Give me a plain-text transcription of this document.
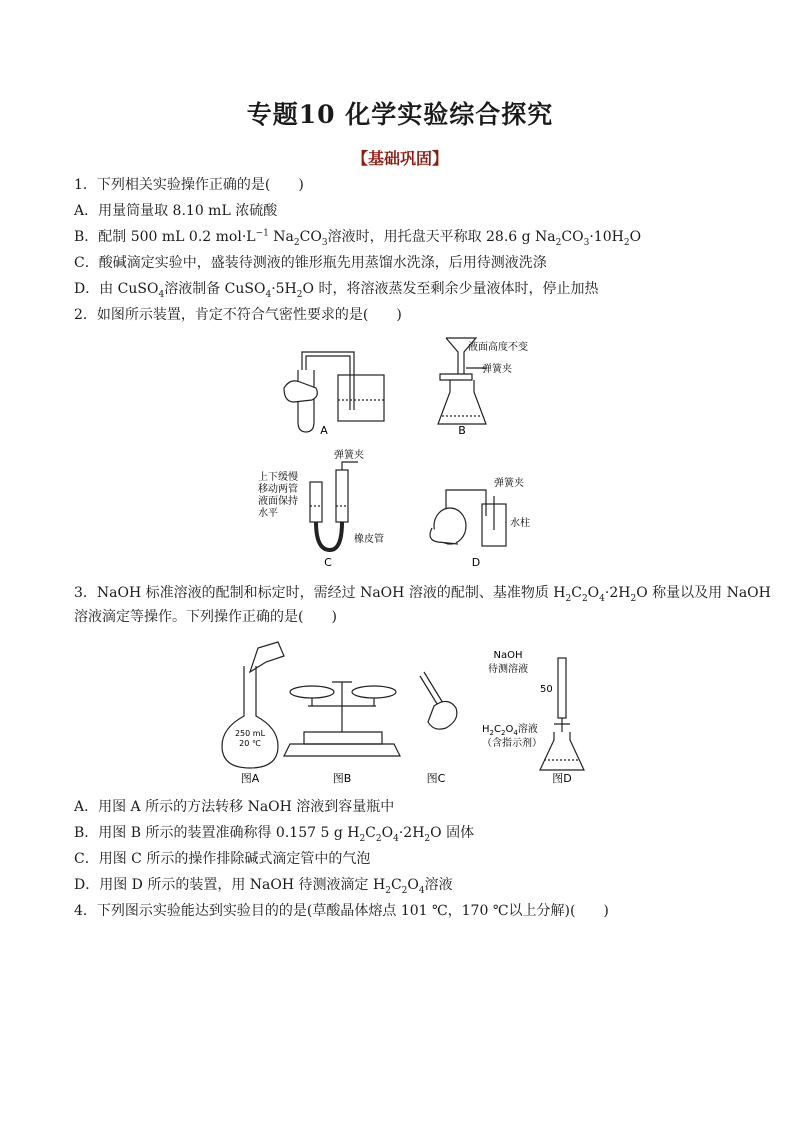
专题10 化学实验综合探究
【基础巩固】
1．下列相关实验操作正确的是(　　)
A．用量筒量取 8.10 mL 浓硫酸
B．配制 500 mL 0.2 $mol\cdot L^{-1}$ $Na_2CO_3$溶液时，用托盘天平称取 28.6 g $Na_2CO_3\cdot 10H_2O$
C．酸碱滴定实验中，盛装待测液的锥形瓶先用蒸馏水洗涤，后用待测液洗涤
D．由 CuSO$_4$溶液制备 $CuSO_4\cdot 5H_2O$ 时，将溶液蒸发至剩余少量液体时，停止加热
2．如图所示装置，肯定不符合气密性要求的是(　　)
A	B
液面高度不变
弹簧夹
上下缓慢
移动两管
液面保持
水平
弹簧夹
橡皮管
C
弹簧夹
水柱
D
3．NaOH 标准溶液的配制和标定时，需经过 NaOH 溶液的配制、基准物质 $H_2C_2O_4\cdot 2H_2O$ 称量以及用 NaOH
溶液滴定等操作。下列操作正确的是(　　)
250 mL
20 ℃
图A	图B	图C
NaOH
待测溶液
50
$H_2C_2O_4$溶液
（含指示剂）
图D
A．用图 A 所示的方法转移 NaOH 溶液到容量瓶中
B．用图 B 所示的装置准确称得 0.157 5 g $H_2C_2O_4\cdot 2H_2O$ 固体
C．用图 C 所示的操作排除碱式滴定管中的气泡
D．用图 D 所示的装置，用 NaOH 待测液滴定 $H_2C_2O_4$溶液
4．下列图示实验能达到实验目的的是(草酸晶体熔点 101 ℃，170 ℃以上分解)(　　)
